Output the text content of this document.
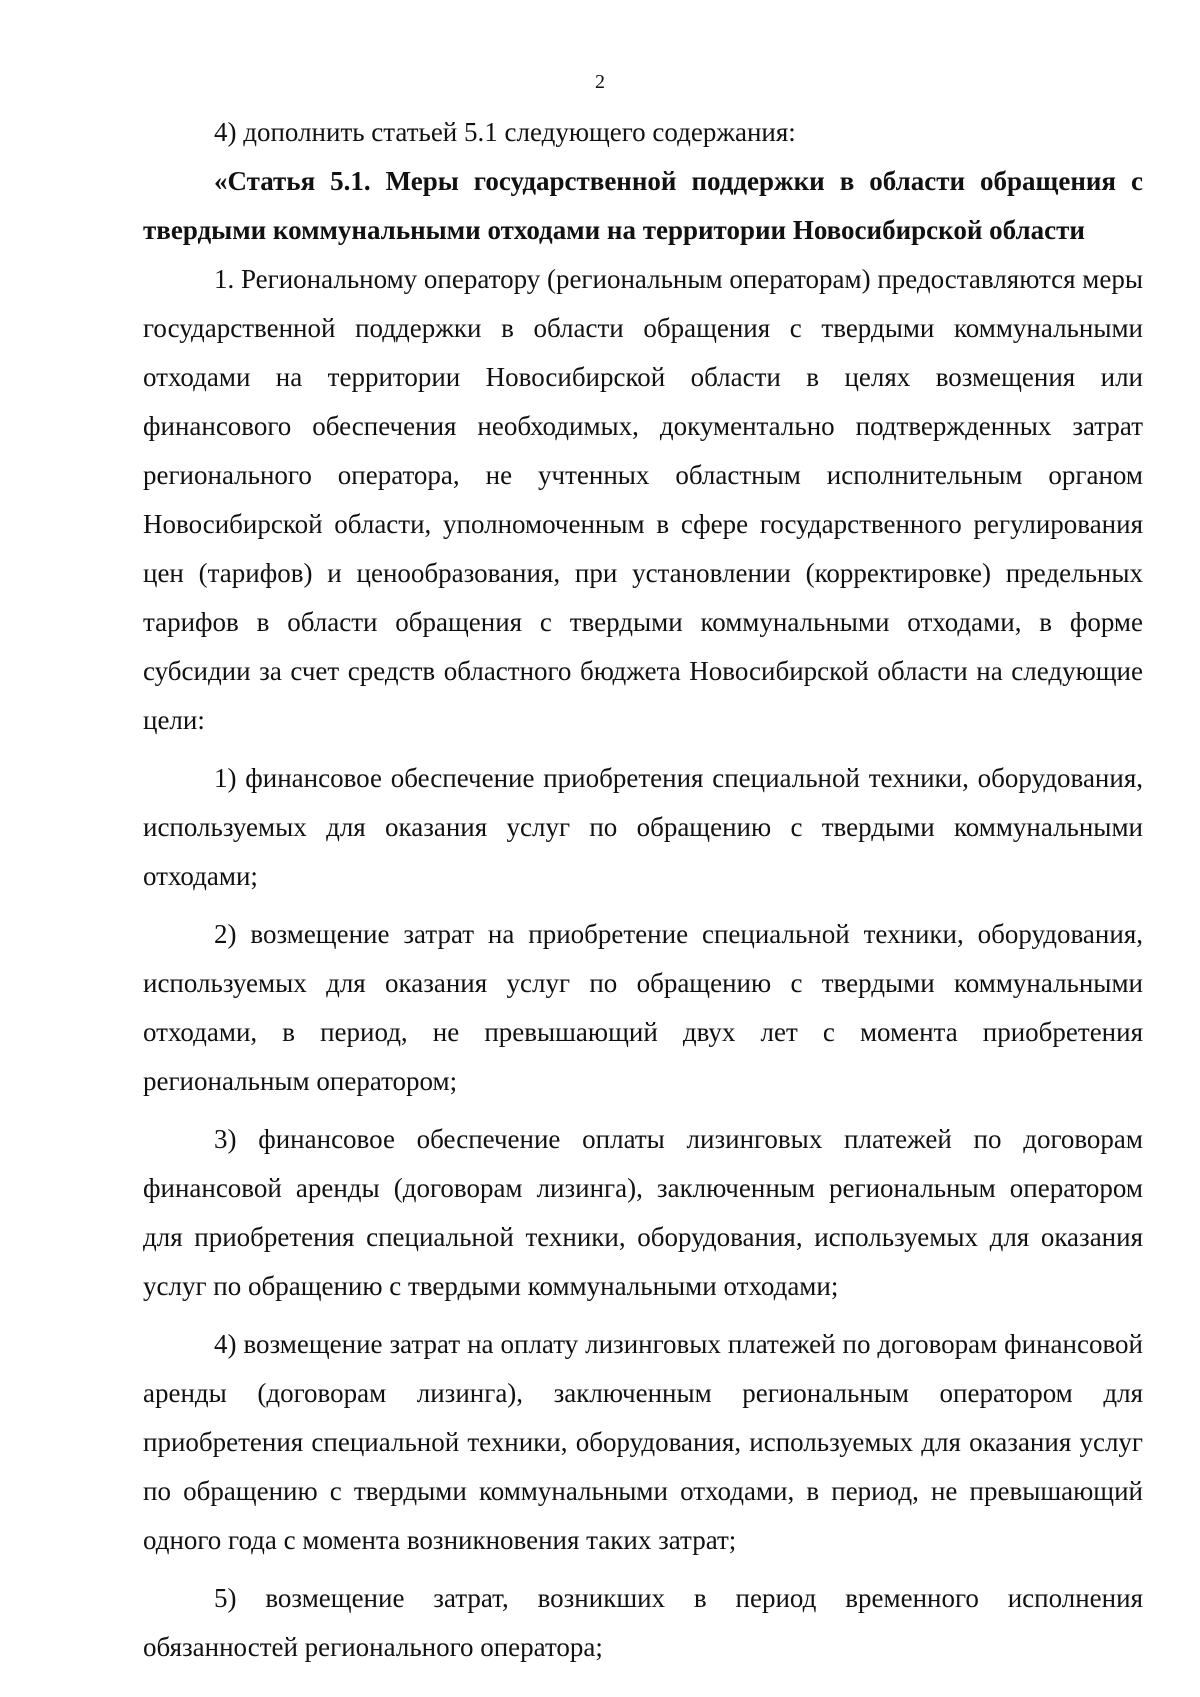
2

4) дополнить статьей 5.1 следующего содержания:

«Статья 5.1. Меры государственной поддержки в области обращения с твердыми коммунальными отходами на территории Новосибирской области

1. Региональному оператору (региональным операторам) предоставляются меры государственной поддержки в области обращения с твердыми коммунальными отходами на территории Новосибирской области в целях возмещения или финансового обеспечения необходимых, документально подтвержденных затрат регионального оператора, не учтенных областным исполнительным органом Новосибирской области, уполномоченным в сфере государственного регулирования цен (тарифов) и ценообразования, при установлении (корректировке) предельных тарифов в области обращения с твердыми коммунальными отходами, в форме субсидии за счет средств областного бюджета Новосибирской области на следующие цели:

1) финансовое обеспечение приобретения специальной техники, оборудования, используемых для оказания услуг по обращению с твердыми коммунальными отходами;

2) возмещение затрат на приобретение специальной техники, оборудования, используемых для оказания услуг по обращению с твердыми коммунальными отходами, в период, не превышающий двух лет с момента приобретения региональным оператором;

3) финансовое обеспечение оплаты лизинговых платежей по договорам финансовой аренды (договорам лизинга), заключенным региональным оператором для приобретения специальной техники, оборудования, используемых для оказания услуг по обращению с твердыми коммунальными отходами;

4) возмещение затрат на оплату лизинговых платежей по договорам финансовой аренды (договорам лизинга), заключенным региональным оператором для приобретения специальной техники, оборудования, используемых для оказания услуг по обращению с твердыми коммунальными отходами, в период, не превышающий одного года с момента возникновения таких затрат;

5) возмещение затрат, возникших в период временного исполнения обязанностей регионального оператора;
